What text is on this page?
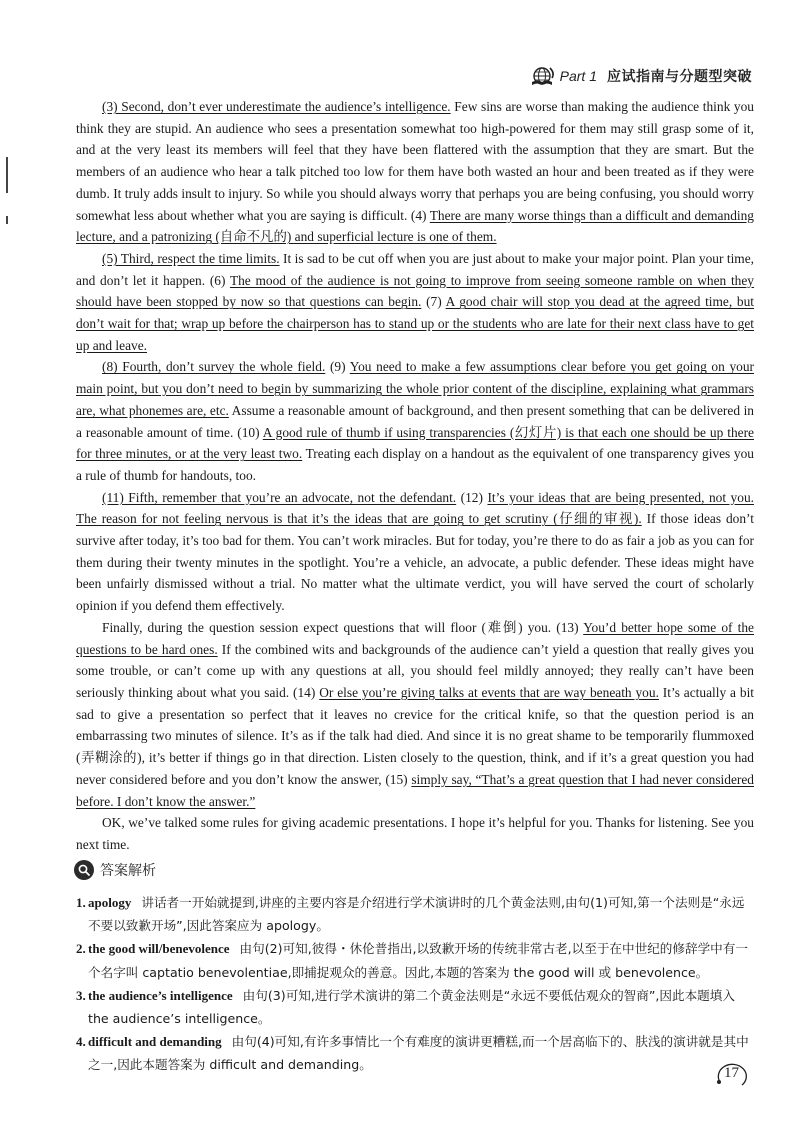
Part 1 应试指南与分题型突破

(3) Second, don’t ever underestimate the audience’s intelligence. Few sins are worse than making the audience think you think they are stupid. An audience who sees a presentation somewhat too high-powered for them may still grasp some of it, and at the very least its members will feel that they have been flattered with the assumption that they are smart. But the members of an audience who hear a talk pitched too low for them have both wasted an hour and been treated as if they were dumb. It truly adds insult to injury. So while you should always worry that perhaps you are being confusing, you should worry somewhat less about whether what you are saying is difficult. (4) There are many worse things than a difficult and demanding lecture, and a patronizing (自命不凡的) and superficial lecture is one of them.

(5) Third, respect the time limits. It is sad to be cut off when you are just about to make your major point. Plan your time, and don’t let it happen. (6) The mood of the audience is not going to improve from seeing someone ramble on when they should have been stopped by now so that questions can begin. (7) A good chair will stop you dead at the agreed time, but don’t wait for that; wrap up before the chairperson has to stand up or the students who are late for their next class have to get up and leave.

(8) Fourth, don’t survey the whole field. (9) You need to make a few assumptions clear before you get going on your main point, but you don’t need to begin by summarizing the whole prior content of the discipline, explaining what grammars are, what phonemes are, etc. Assume a reasonable amount of background, and then present something that can be delivered in a reasonable amount of time. (10) A good rule of thumb if using transparencies (幻灯片) is that each one should be up there for three minutes, or at the very least two. Treating each display on a handout as the equivalent of one transparency gives you a rule of thumb for handouts, too.

(11) Fifth, remember that you’re an advocate, not the defendant. (12) It’s your ideas that are being presented, not you. The reason for not feeling nervous is that it’s the ideas that are going to get scrutiny (仔细的审视). If those ideas don’t survive after today, it’s too bad for them. You can’t work miracles. But for today, you’re there to do as fair a job as you can for them during their twenty minutes in the spotlight. You’re a vehicle, an advocate, a public defender. These ideas might have been unfairly dismissed without a trial. No matter what the ultimate verdict, you will have served the court of scholarly opinion if you defend them effectively.

Finally, during the question session expect questions that will floor (难倒) you. (13) You’d better hope some of the questions to be hard ones. If the combined wits and backgrounds of the audience can’t yield a question that really gives you some trouble, or can’t come up with any questions at all, you should feel mildly annoyed; they really can’t have been seriously thinking about what you said. (14) Or else you’re giving talks at events that are way beneath you. It’s actually a bit sad to give a presentation so perfect that it leaves no crevice for the critical knife, so that the question period is an embarrassing two minutes of silence. It’s as if the talk had died. And since it is no great shame to be temporarily flummoxed (弄糊涂的), it’s better if things go in that direction. Listen closely to the question, think, and if it’s a great question you had never considered before and you don’t know the answer, (15) simply say, “That’s a great question that I had never considered before. I don’t know the answer.”

OK, we’ve talked some rules for giving academic presentations. I hope it’s helpful for you. Thanks for listening. See you next time.

答案解析
1. apology 讲话者一开始就提到,讲座的主要内容是介绍进行学术演讲时的几个黄金法则,由句(1)可知,第一个法则是“永远不要以致歉开场”,因此答案应为 apology。
2. the good will/benevolence 由句(2)可知,彼得・休伦普指出,以致歉开场的传统非常古老,以至于在中世纪的修辞学中有一个名字叫 captatio benevolentiae,即捕捉观众的善意。因此,本题的答案为 the good will 或 benevolence。
3. the audience’s intelligence 由句(3)可知,进行学术演讲的第二个黄金法则是“永远不要低估观众的智商”,因此本题填入 the audience’s intelligence。
4. difficult and demanding 由句(4)可知,有许多事情比一个有难度的演讲更糟糕,而一个居高临下的、肤浅的演讲就是其中之一,因此本题答案为 difficult and demanding。
17
